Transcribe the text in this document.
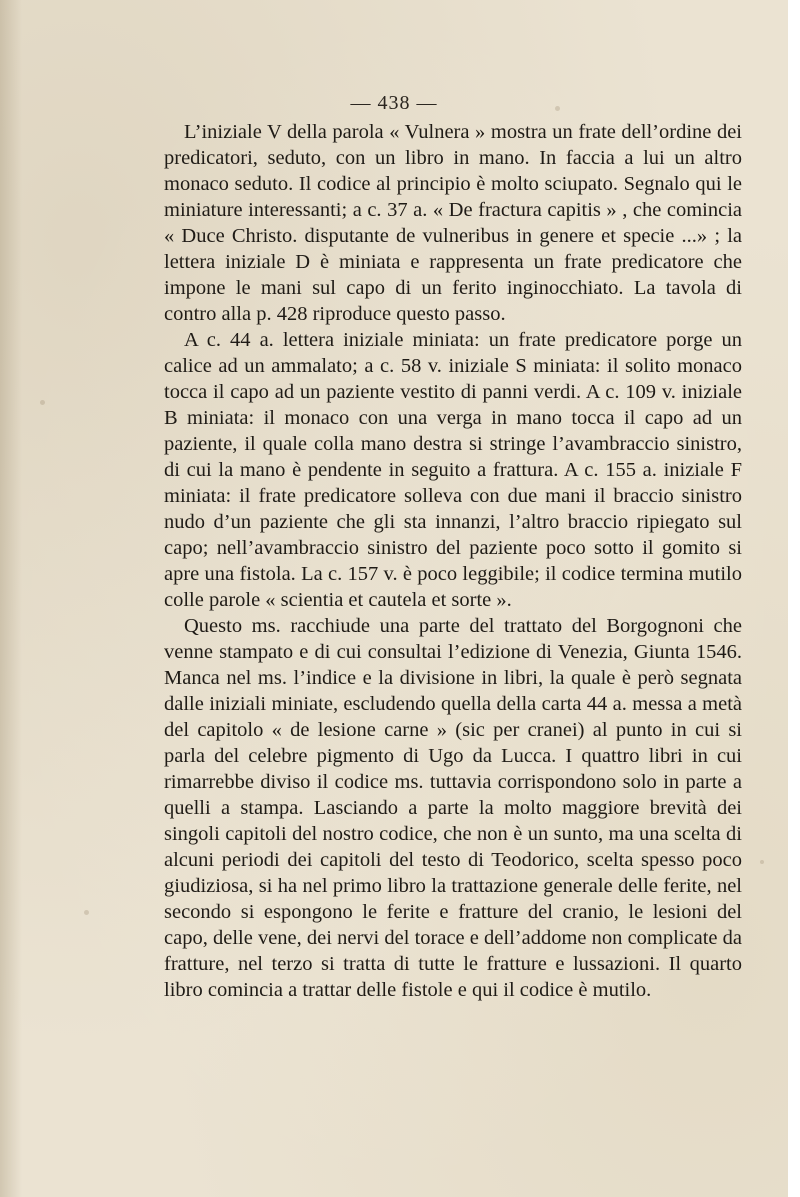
— 438 —

L’iniziale V della parola « Vulnera » mostra un frate dell’ordine dei predicatori, seduto, con un libro in mano. In faccia a lui un altro monaco seduto. Il codice al principio è molto sciupato. Segnalo qui le miniature interessanti; a c. 37 a. « De fractura capitis » , che comincia « Duce Christo. disputante de vulneribus in genere et specie ...» ; la lettera iniziale D è miniata e rappresenta un frate predicatore che impone le mani sul capo di un ferito inginocchiato. La tavola di contro alla p. 428 riproduce questo passo.

A c. 44 a. lettera iniziale miniata: un frate predicatore porge un calice ad un ammalato; a c. 58 v. iniziale S miniata: il solito monaco tocca il capo ad un paziente vestito di panni verdi. A c. 109 v. iniziale B miniata: il monaco con una verga in mano tocca il capo ad un paziente, il quale colla mano destra si stringe l’avambraccio sinistro, di cui la mano è pendente in seguito a frattura. A c. 155 a. iniziale F miniata: il frate predicatore solleva con due mani il braccio sinistro nudo d’un paziente che gli sta innanzi, l’altro braccio ripiegato sul capo; nell’avambraccio sinistro del paziente poco sotto il gomito si apre una fistola. La c. 157 v. è poco leggibile; il codice termina mutilo colle parole « scientia et cautela et sorte ».

Questo ms. racchiude una parte del trattato del Borgognoni che venne stampato e di cui consultai l’edizione di Venezia, Giunta 1546. Manca nel ms. l’indice e la divisione in libri, la quale è però segnata dalle iniziali miniate, escludendo quella della carta 44 a. messa a metà del capitolo « de lesione carne » (sic per cranei) al punto in cui si parla del celebre pigmento di Ugo da Lucca. I quattro libri in cui rimarrebbe diviso il codice ms. tuttavia corrispondono solo in parte a quelli a stampa. Lasciando a parte la molto maggiore brevità dei singoli capitoli del nostro codice, che non è un sunto, ma una scelta di alcuni periodi dei capitoli del testo di Teodorico, scelta spesso poco giudiziosa, si ha nel primo libro la trattazione generale delle ferite, nel secondo si espongono le ferite e fratture del cranio, le lesioni del capo, delle vene, dei nervi del torace e dell’addome non complicate da fratture, nel terzo si tratta di tutte le fratture e lussazioni. Il quarto libro comincia a trattar delle fistole e qui il codice è mutilo.
